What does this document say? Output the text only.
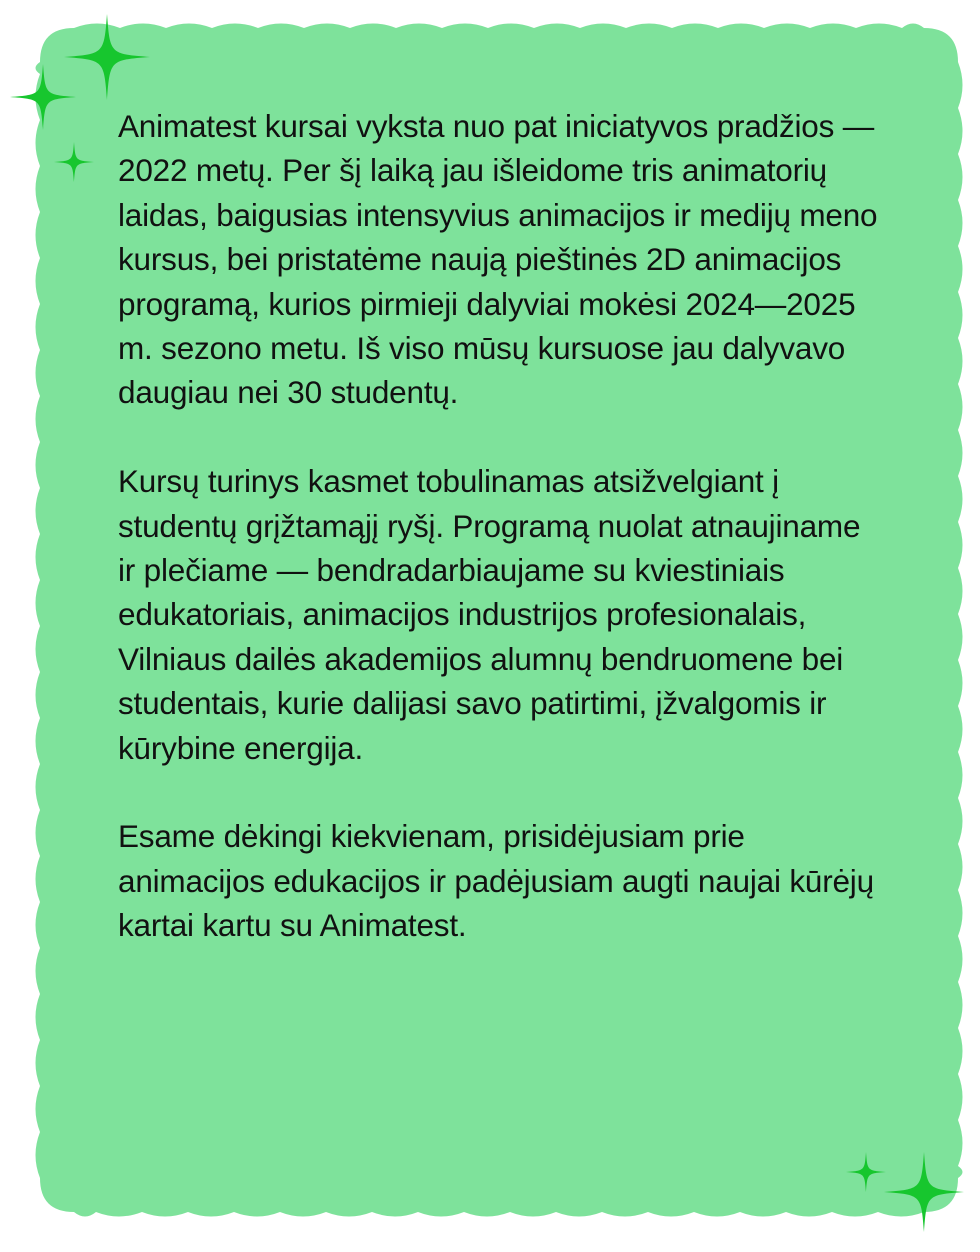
Animatest kursai vyksta nuo pat iniciatyvos pradžios — 2022 metų. Per šį laiką jau išleidome tris animatorių laidas, baigusias intensyvius animacijos ir medijų meno kursus, bei pristatėme naują pieštinės 2D animacijos programą, kurios pirmieji dalyviai mokėsi 2024—2025 m. sezono metu. Iš viso mūsų kursuose jau dalyvavo daugiau nei 30 studentų.

Kursų turinys kasmet tobulinamas atsižvelgiant į studentų grįžtamąjį ryšį. Programą nuolat atnaujiname ir plečiame — bendradarbiaujame su kviestiniais edukatoriais, animacijos industrijos profesionalais, Vilniaus dailės akademijos alumnų bendruomene bei studentais, kurie dalijasi savo patirtimi, įžvalgomis ir kūrybine energija.

Esame dėkingi kiekvienam, prisidėjusiam prie animacijos edukacijos ir padėjusiam augti naujai kūrėjų kartai kartu su Animatest.
